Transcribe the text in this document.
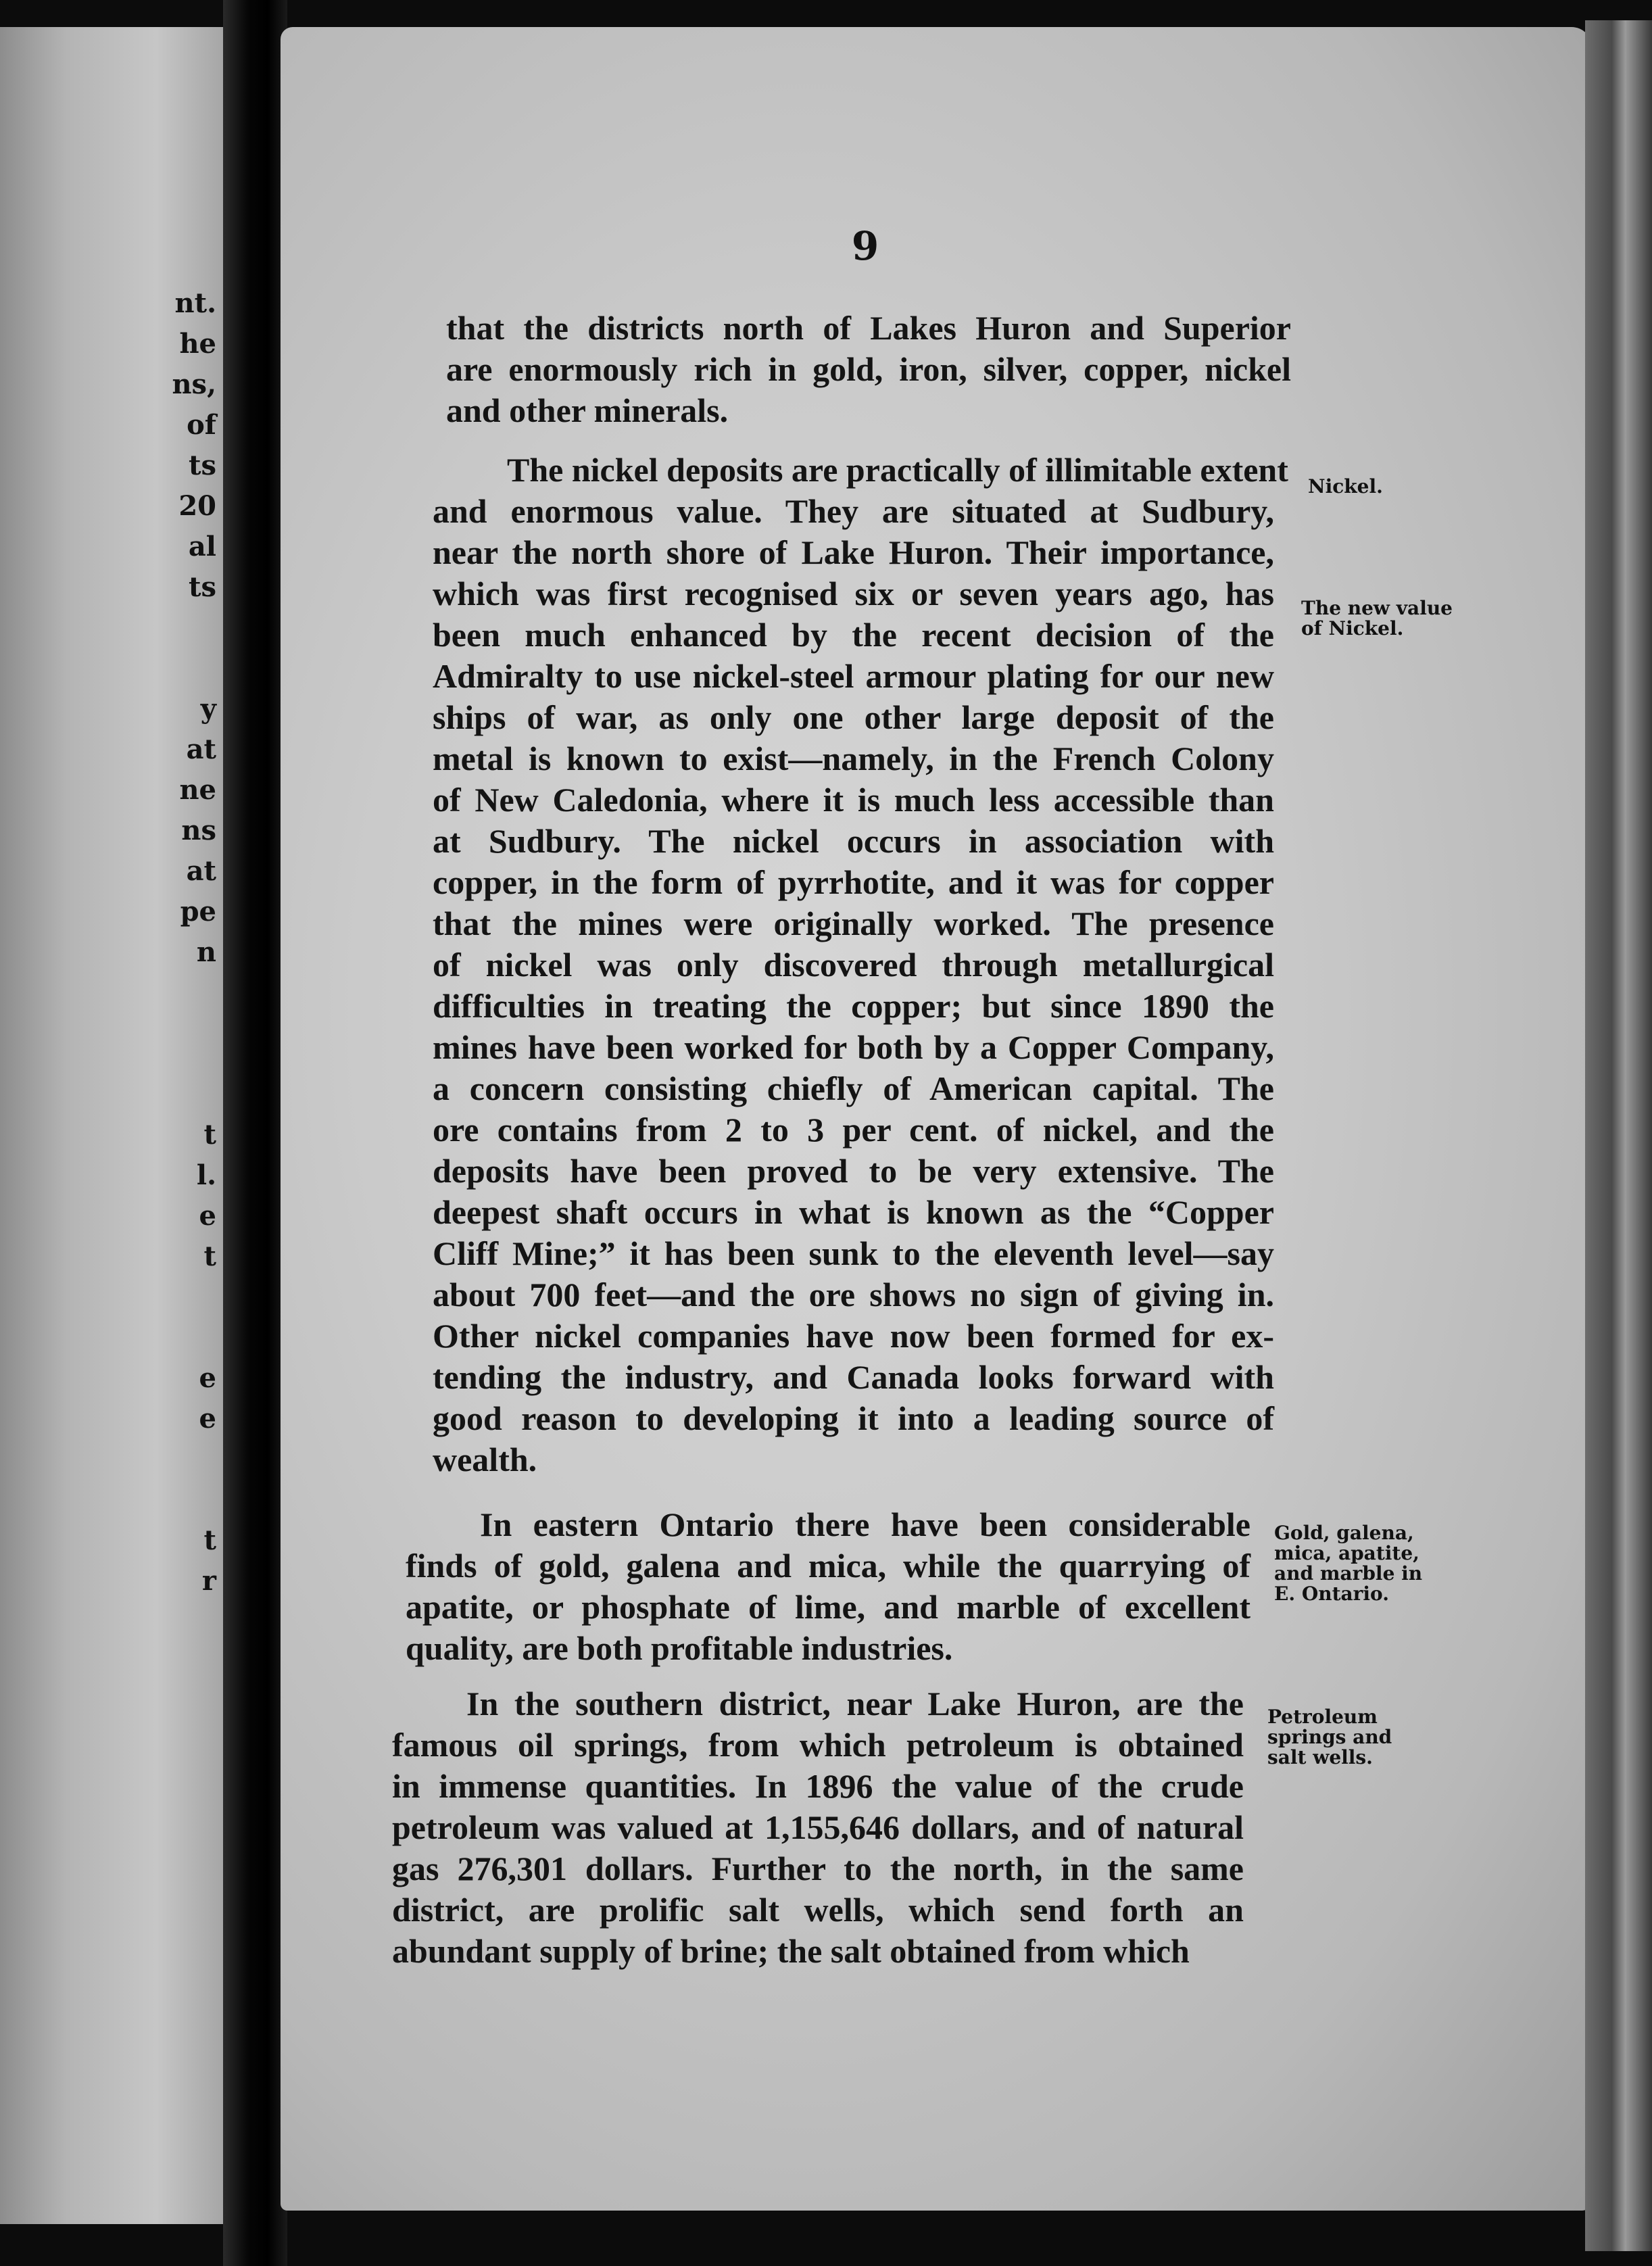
nt.
he
ns,
of
ts
20
al
ts
y
at
ne
ns
at
pe
n
t
l.
e
t
e
e
t
r
9
that the districts north of Lakes Huron and Superior
are enormously rich in gold, iron, silver, copper, nickel
and other minerals.
The nickel deposits are practically of illimitable extent
and enormous value. They are situated at Sudbury,
near the north shore of Lake Huron. Their importance,
which was first recognised six or seven years ago, has
been much enhanced by the recent decision of the
Admiralty to use nickel-steel armour plating for our new
ships of war, as only one other large deposit of the
metal is known to exist—namely, in the French Colony
of New Caledonia, where it is much less accessible than
at Sudbury. The nickel occurs in association with
copper, in the form of pyrrhotite, and it was for copper
that the mines were originally worked. The presence
of nickel was only discovered through metallurgical
difficulties in treating the copper; but since 1890 the
mines have been worked for both by a Copper Company,
a concern consisting chiefly of American capital. The
ore contains from 2 to 3 per cent. of nickel, and the
deposits have been proved to be very extensive. The
deepest shaft occurs in what is known as the “Copper
Cliff Mine;” it has been sunk to the eleventh level—say
about 700 feet—and the ore shows no sign of giving in.
Other nickel companies have now been formed for ex-
tending the industry, and Canada looks forward with
good reason to developing it into a leading source of
wealth.
In eastern Ontario there have been considerable
finds of gold, galena and mica, while the quarrying of
apatite, or phosphate of lime, and marble of excellent
quality, are both profitable industries.
In the southern district, near Lake Huron, are the
famous oil springs, from which petroleum is obtained
in immense quantities. In 1896 the value of the crude
petroleum was valued at 1,155,646 dollars, and of natural
gas 276,301 dollars. Further to the north, in the same
district, are prolific salt wells, which send forth an
abundant supply of brine; the salt obtained from which
Nickel.
The new value
of Nickel.
Gold, galena,
mica, apatite,
and marble in
E. Ontario.
Petroleum
springs and
salt wells.
